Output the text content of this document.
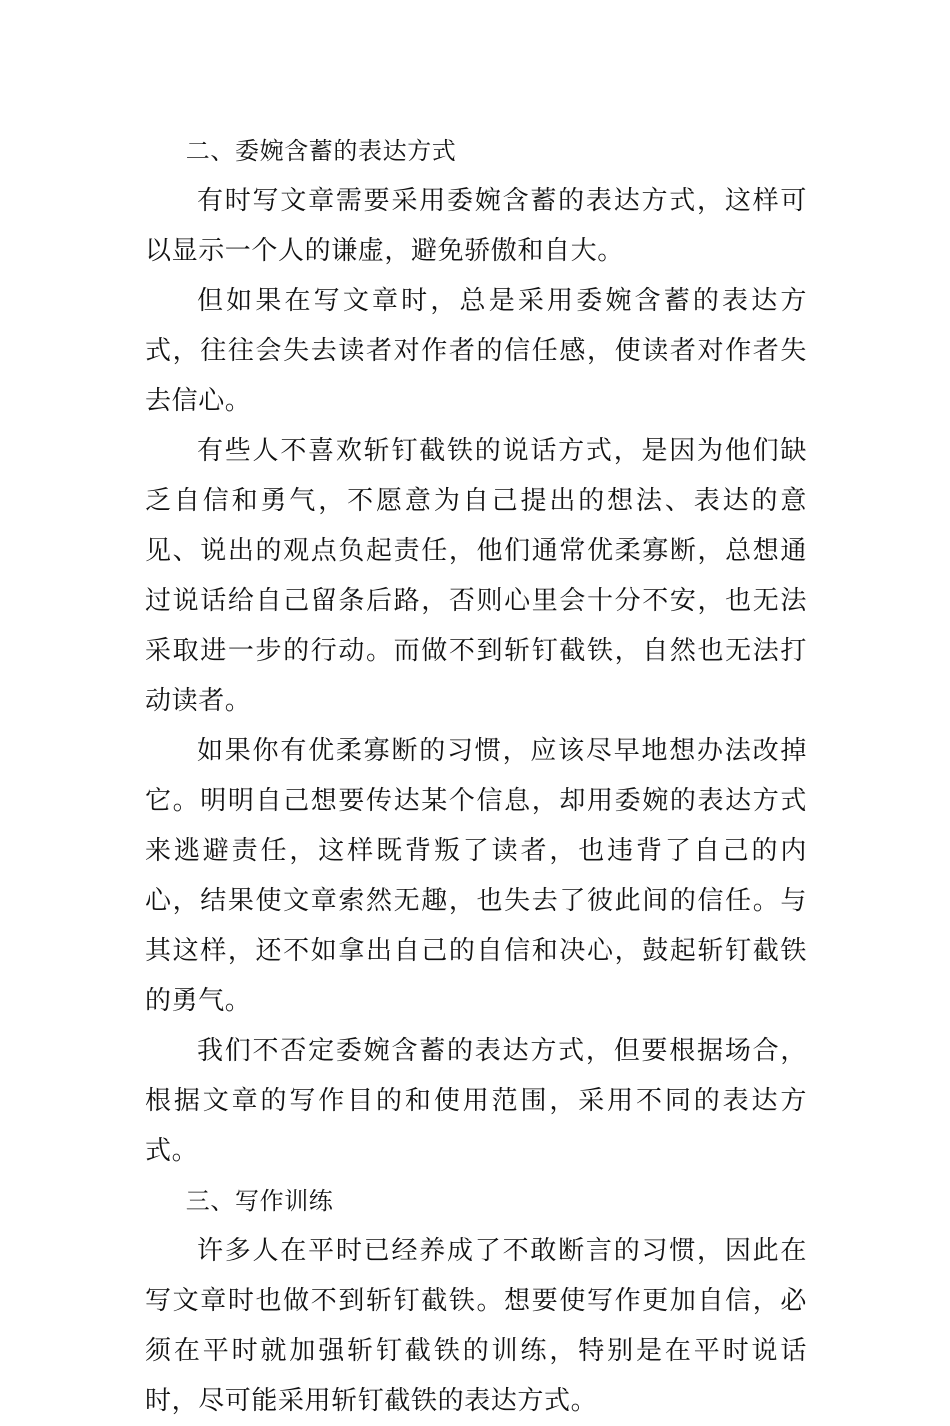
二、委婉含蓄的表达方式

有时写文章需要采用委婉含蓄的表达方式，这样可以显示一个人的谦虚，避免骄傲和自大。

但如果在写文章时，总是采用委婉含蓄的表达方式，往往会失去读者对作者的信任感，使读者对作者失去信心。

有些人不喜欢斩钉截铁的说话方式，是因为他们缺乏自信和勇气，不愿意为自己提出的想法、表达的意见、说出的观点负起责任，他们通常优柔寡断，总想通过说话给自己留条后路，否则心里会十分不安，也无法采取进一步的行动。而做不到斩钉截铁，自然也无法打动读者。

如果你有优柔寡断的习惯，应该尽早地想办法改掉它。明明自己想要传达某个信息，却用委婉的表达方式来逃避责任，这样既背叛了读者，也违背了自己的内心，结果使文章索然无趣，也失去了彼此间的信任。与其这样，还不如拿出自己的自信和决心，鼓起斩钉截铁的勇气。

我们不否定委婉含蓄的表达方式，但要根据场合，根据文章的写作目的和使用范围，采用不同的表达方式。

三、写作训练

许多人在平时已经养成了不敢断言的习惯，因此在写文章时也做不到斩钉截铁。想要使写作更加自信，必须在平时就加强斩钉截铁的训练，特别是在平时说话时，尽可能采用斩钉截铁的表达方式。
